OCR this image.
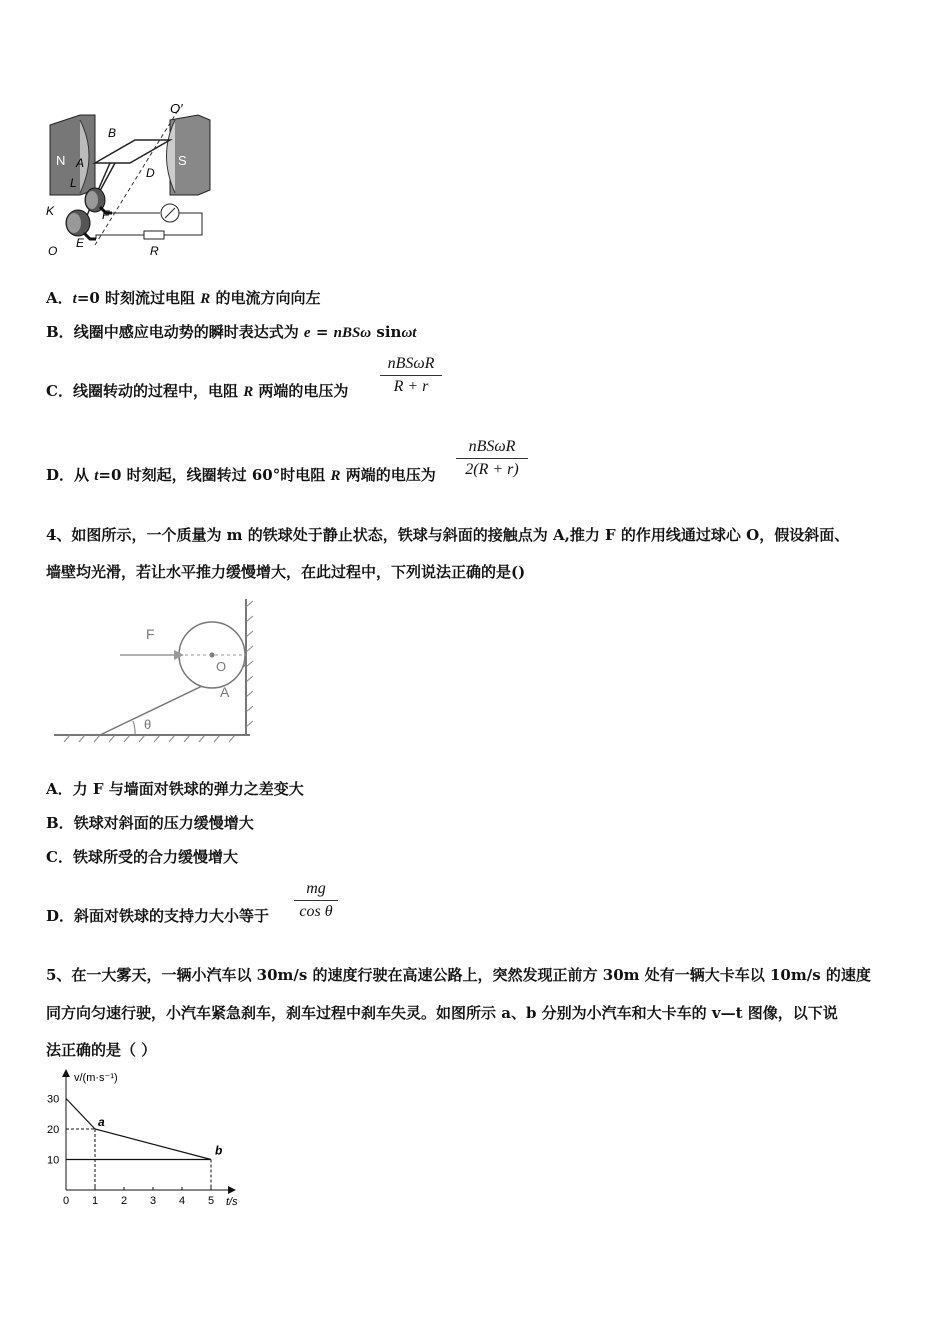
N	S
O′
B
A
D
L
K
O
F
E
R
A．t=0 时刻流过电阻 R 的电流方向向左
B．线圈中感应电动势的瞬时表达式为 e = nBSω sinωt
C．线圈转动的过程中，电阻 R 两端的电压为
nBSωR
R + r
D．从 t=0 时刻起，线圈转过 60°时电阻 R 两端的电压为
nBSωR
2(R + r)
4、如图所示，一个质量为 m 的铁球处于静止状态，铁球与斜面的接触点为 A,推力 F 的作用线通过球心 O，假设斜面、
墙壁均光滑，若让水平推力缓慢增大，在此过程中，下列说法正确的是()
θ
O
A
F
A．力 F 与墙面对铁球的弹力之差变大
B．铁球对斜面的压力缓慢增大
C．铁球所受的合力缓慢增大
D．斜面对铁球的支持力大小等于
mg
cos θ
5、在一大雾天，一辆小汽车以 30m/s 的速度行驶在高速公路上，突然发现正前方 30m 处有一辆大卡车以 10m/s 的速度
同方向匀速行驶，小汽车紧急刹车，刹车过程中刹车失灵。如图所示 a、b 分别为小汽车和大卡车的 v—t 图像，以下说
法正确的是（ ）
v/(m·s⁻¹)
t/s
0 1 2 3 4 5
10
20
30
a
b
